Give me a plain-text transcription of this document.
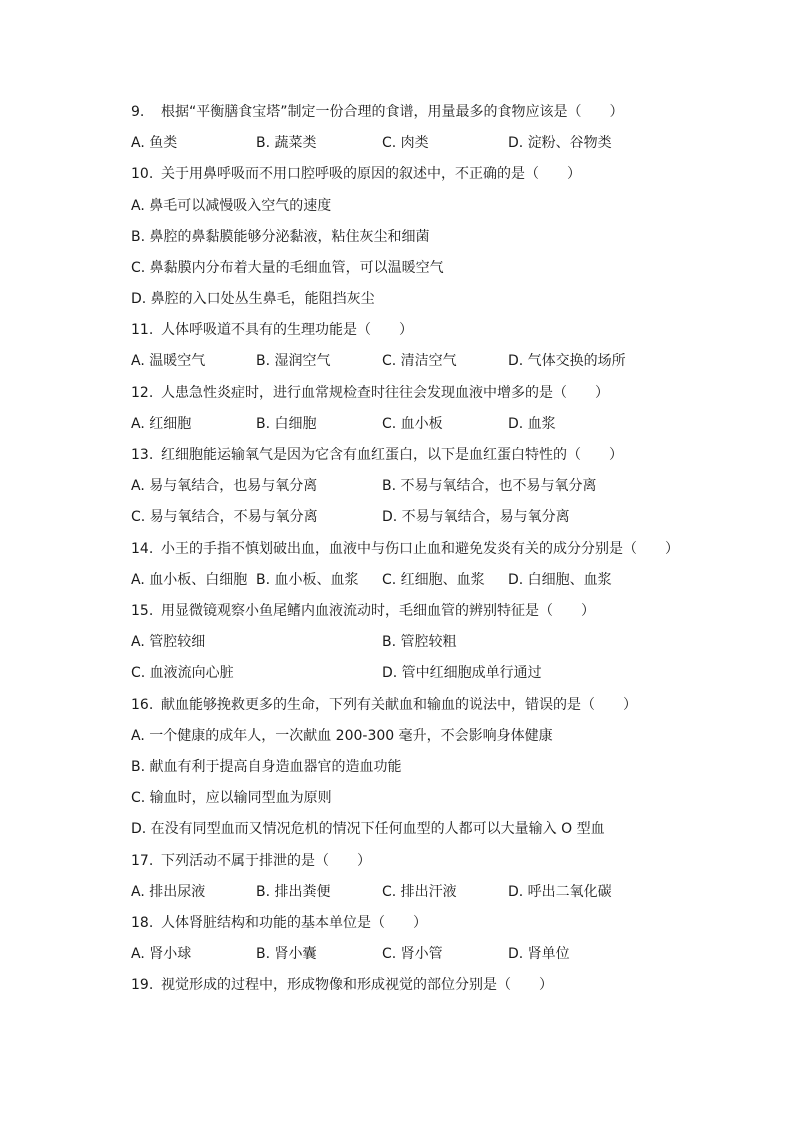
9. 根据“平衡膳食宝塔”制定一份合理的食谱，用量最多的食物应该是（　　）
A. 鱼类	B. 蔬菜类	C. 肉类	D. 淀粉、谷物类
10. 关于用鼻呼吸而不用口腔呼吸的原因的叙述中，不正确的是（　　）
A. 鼻毛可以减慢吸入空气的速度
B. 鼻腔的鼻黏膜能够分泌黏液，粘住灰尘和细菌
C. 鼻黏膜内分布着大量的毛细血管，可以温暖空气
D. 鼻腔的入口处丛生鼻毛，能阻挡灰尘
11. 人体呼吸道不具有的生理功能是（　　）
A. 温暖空气	B. 湿润空气	C. 清洁空气	D. 气体交换的场所
12. 人患急性炎症时，进行血常规检查时往往会发现血液中增多的是（　　）
A. 红细胞	B. 白细胞	C. 血小板	D. 血浆
13. 红细胞能运输氧气是因为它含有血红蛋白，以下是血红蛋白特性的（　　）
A. 易与氧结合，也易与氧分离	B. 不易与氧结合，也不易与氧分离
C. 易与氧结合，不易与氧分离	D. 不易与氧结合，易与氧分离
14. 小王的手指不慎划破出血，血液中与伤口止血和避免发炎有关的成分分别是（　　）
A. 血小板、白细胞 B. 血小板、血浆 C. 红细胞、血浆 D. 白细胞、血浆
15. 用显微镜观察小鱼尾鳍内血液流动时，毛细血管的辨别特征是（　　）
A. 管腔较细	B. 管腔较粗
C. 血液流向心脏	D. 管中红细胞成单行通过
16. 献血能够挽救更多的生命，下列有关献血和输血的说法中，错误的是（　　）
A. 一个健康的成年人，一次献血 200-300 毫升，不会影响身体健康
B. 献血有利于提高自身造血器官的造血功能
C. 输血时，应以输同型血为原则
D. 在没有同型血而又情况危机的情况下任何血型的人都可以大量输入 O 型血
17. 下列活动不属于排泄的是（　　）
A. 排出尿液	B. 排出粪便	C. 排出汗液	D. 呼出二氧化碳
18. 人体肾脏结构和功能的基本单位是（　　）
A. 肾小球	B. 肾小囊	C. 肾小管	D. 肾单位
19. 视觉形成的过程中，形成物像和形成视觉的部位分别是（　　）
